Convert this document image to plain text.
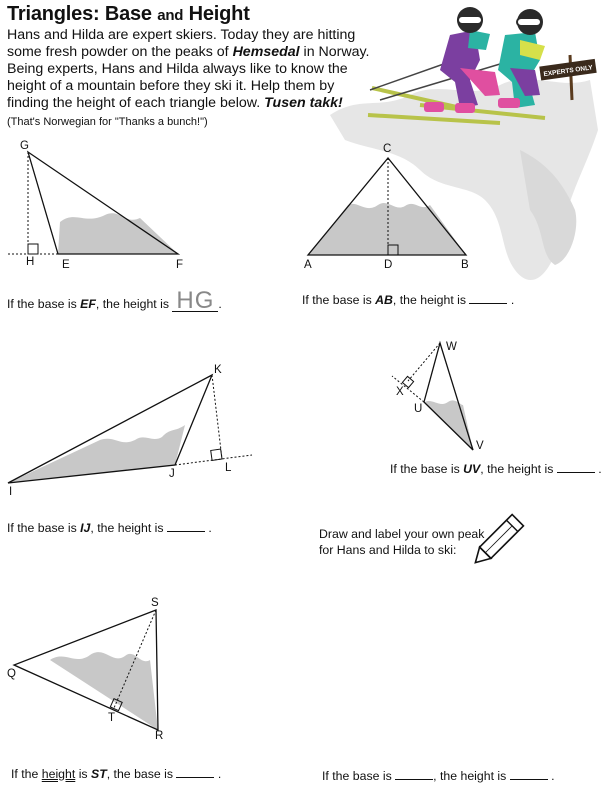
Triangles: Base and Height
Hans and Hilda are expert skiers. Today they are hitting some fresh powder on the peaks of Hemsedal in Norway. Being experts, Hans and Hilda always like to know the height of a mountain before they ski it. Help them by finding the height of each triangle below. Tusen takk!
(That's Norwegian for "Thanks a bunch!")
EXPERTS ONLY
G
H E	F
If the base is EF, the height is HG .
C
A	D	B
If the base is AB, the height is	.
K
I
J	L
If the base is IJ, the height is	.
W
X
U
V
If the base is UV, the height is	.
Draw and label your own peak for Hans and Hilda to ski:
S
Q
T
R
If the height is ST, the base is	.	If the base is	, the height is	.
